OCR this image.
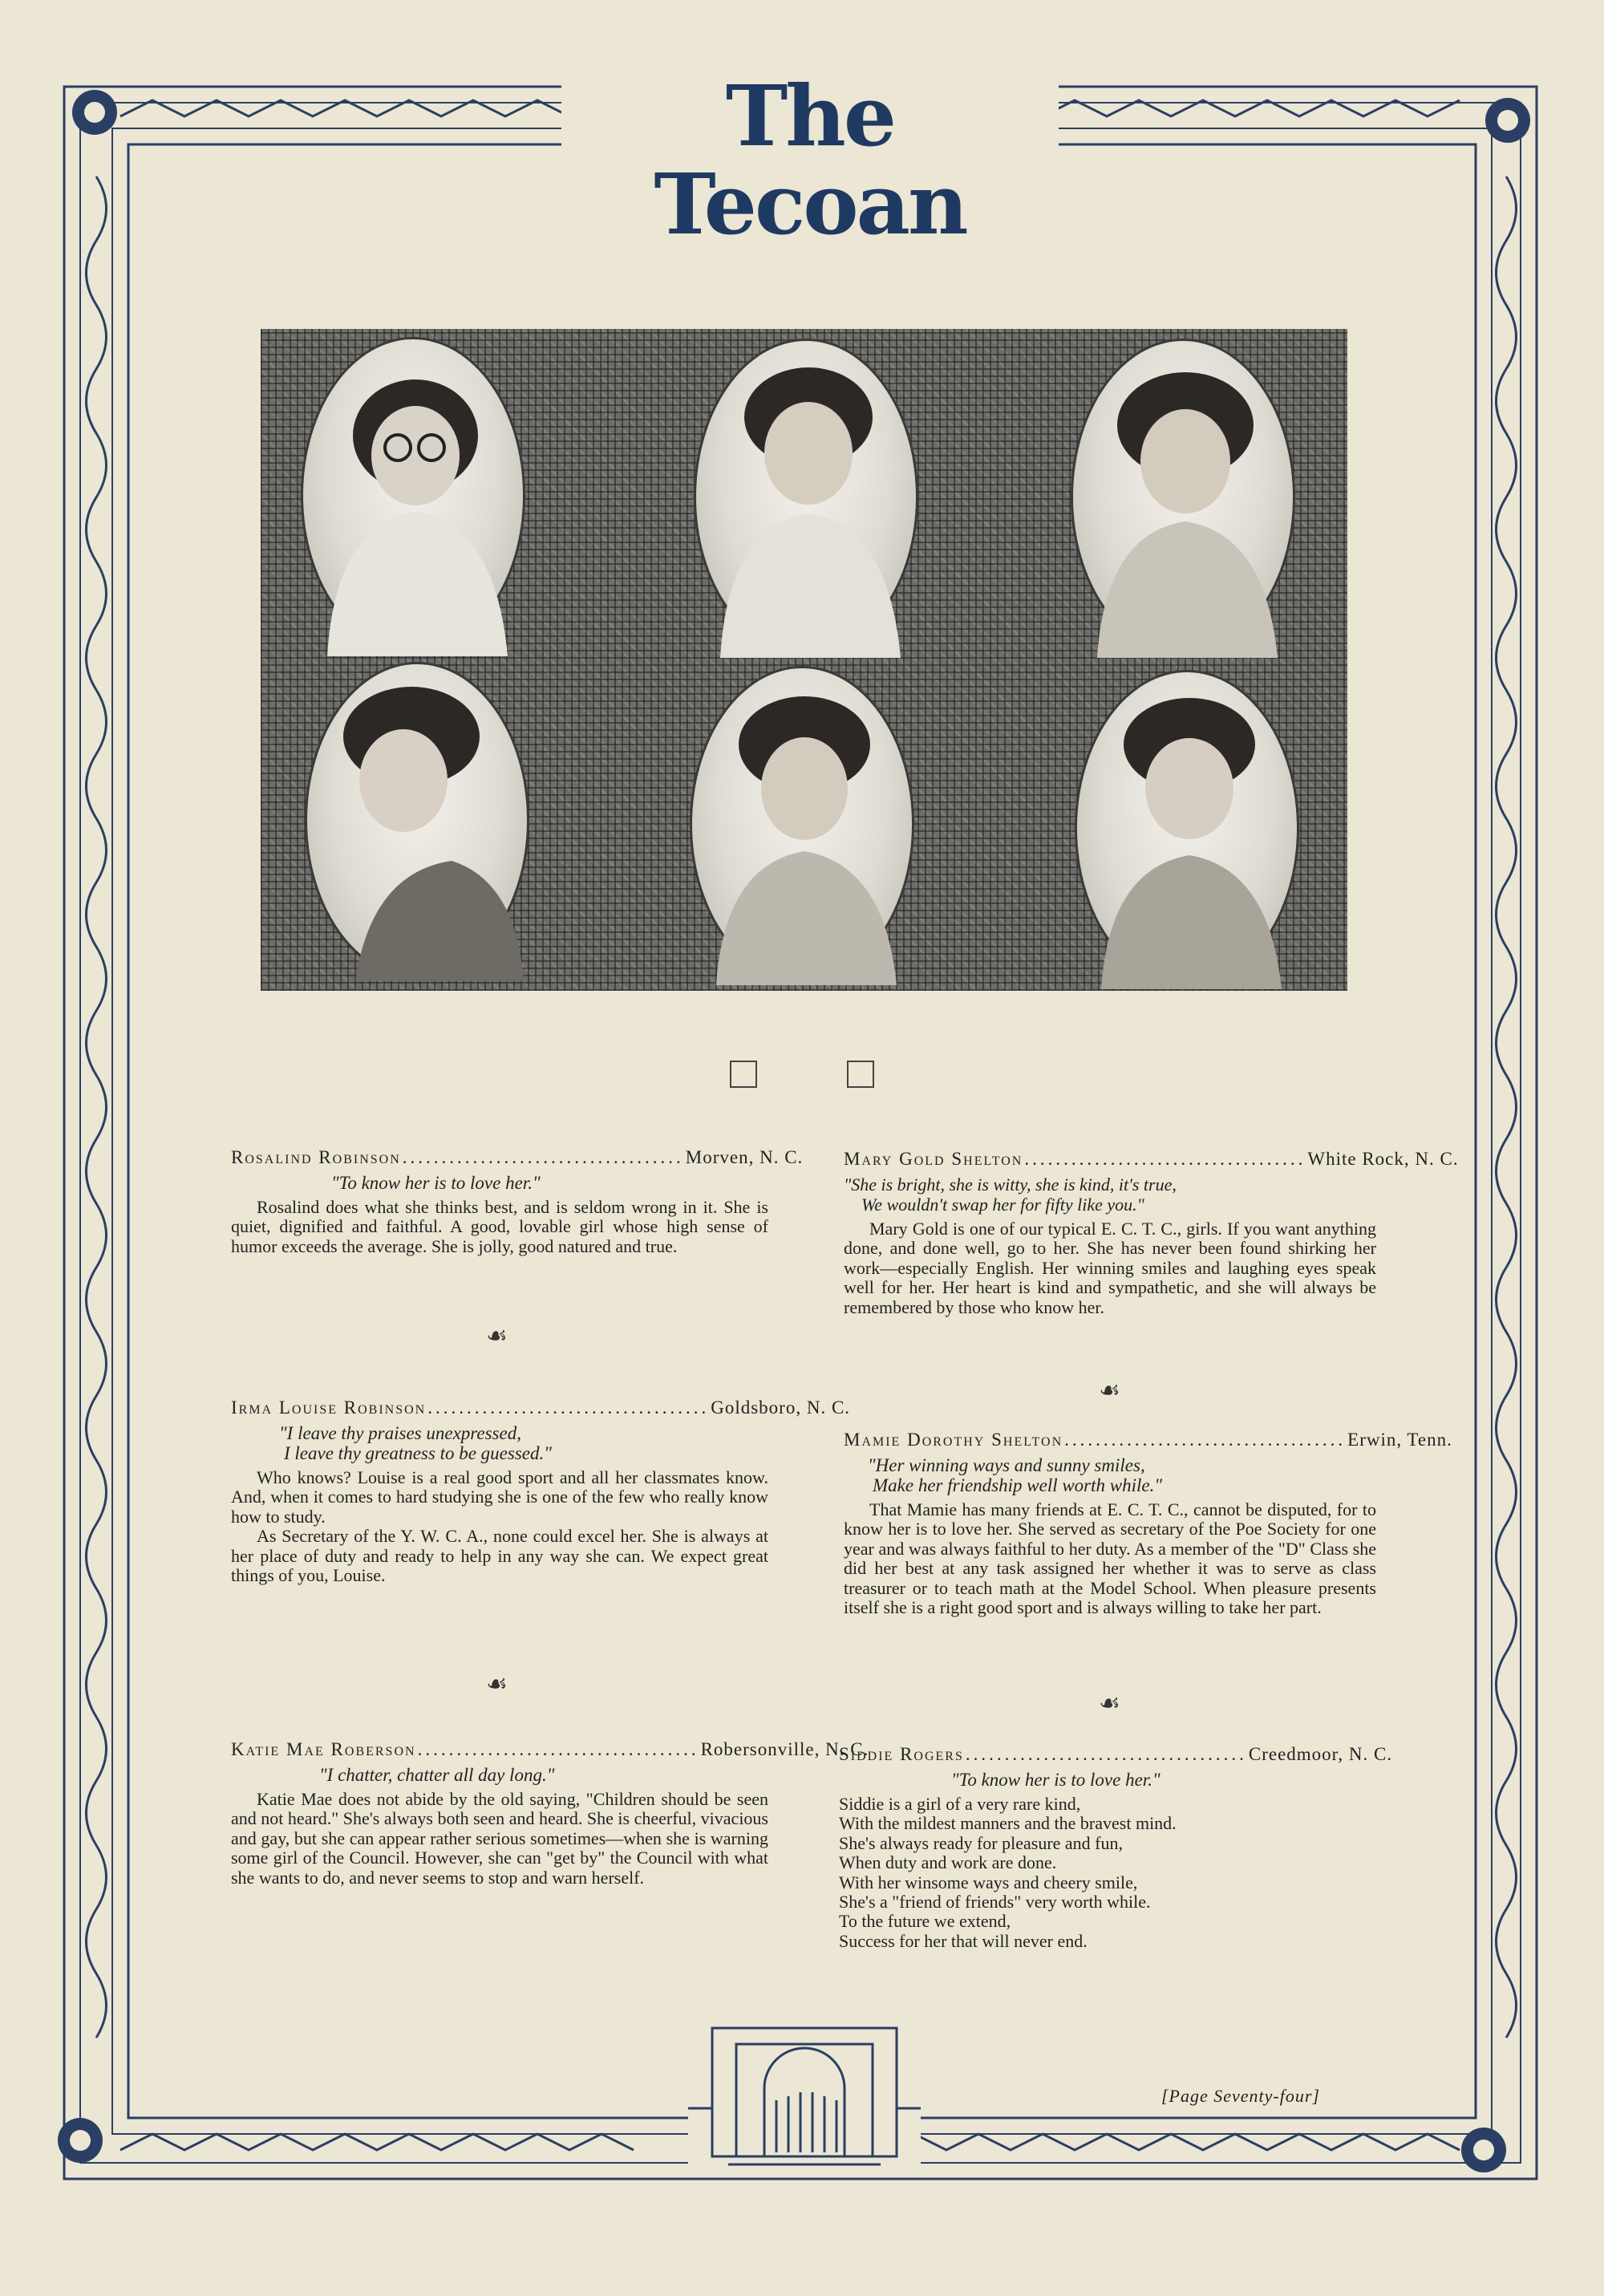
The Tecoan
Rosalind Robinson .................................... Morven, N. C.
"To know her is to love her."

Rosalind does what she thinks best, and is seldom wrong in it. She is quiet, dignified and faithful. A good, lovable girl whose high sense of humor exceeds the average. She is jolly, good natured and true.

☙
Irma Louise Robinson .................................... Goldsboro, N. C.
"I leave thy praises unexpressed,
I leave thy greatness to be guessed."

Who knows? Louise is a real good sport and all her classmates know. And, when it comes to hard studying she is one of the few who really know how to study.

As Secretary of the Y. W. C. A., none could excel her. She is always at her place of duty and ready to help in any way she can. We expect great things of you, Louise.

☙
Katie Mae Roberson .................................... Robersonville, N. C.
"I chatter, chatter all day long."

Katie Mae does not abide by the old saying, "Children should be seen and not heard." She's always both seen and heard. She is cheerful, vivacious and gay, but she can appear rather serious sometimes—when she is warning some girl of the Council. However, she can "get by" the Council with what she wants to do, and never seems to stop and warn herself.

Mary Gold Shelton .................................... White Rock, N. C.
"She is bright, she is witty, she is kind, it's true,
We wouldn't swap her for fifty like you."

Mary Gold is one of our typical E. C. T. C., girls. If you want anything done, and done well, go to her. She has never been found shirking her work—especially English. Her winning smiles and laughing eyes speak well for her. Her heart is kind and sympathetic, and she will always be remembered by those who know her.

☙
Mamie Dorothy Shelton .................................... Erwin, Tenn.
"Her winning ways and sunny smiles,
Make her friendship well worth while."

That Mamie has many friends at E. C. T. C., cannot be disputed, for to know her is to love her. She served as secretary of the Poe Society for one year and was always faithful to her duty. As a member of the "D" Class she did her best at any task assigned her whether it was to serve as class treasurer or to teach math at the Model School. When pleasure presents itself she is a right good sport and is always willing to take her part.

☙
Siddie Rogers .................................... Creedmoor, N. C.
"To know her is to love her."

Siddie is a girl of a very rare kind,

With the mildest manners and the bravest mind.

She's always ready for pleasure and fun,

When duty and work are done.

With her winsome ways and cheery smile,

She's a "friend of friends" very worth while.

To the future we extend,

Success for her that will never end.

[Page Seventy-four]
